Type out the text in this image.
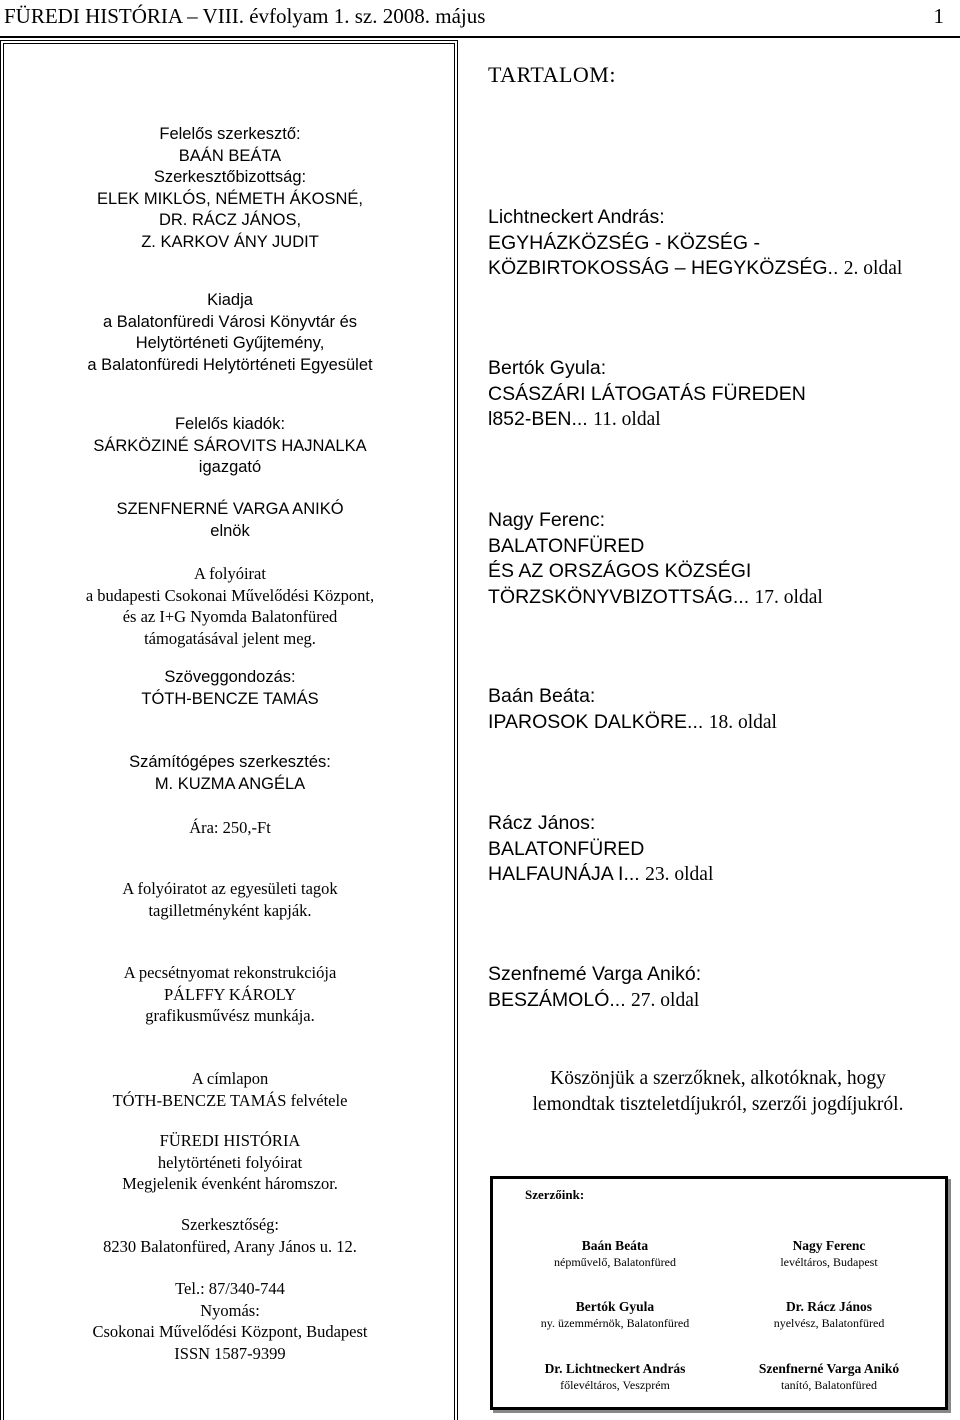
FÜREDI HISTÓRIA – VIII. évfolyam 1. sz. 2008. május	1
Felelős szerkesztő:
BAÁN BEÁTA
Szerkesztőbizottság:
ELEK MIKLÓS, NÉMETH ÁKOSNÉ,
DR. RÁCZ JÁNOS,
Z. KARKOV ÁNY JUDIT
Kiadja
a Balatonfüredi Városi Könyvtár és
Helytörténeti Gyűjtemény,
a Balatonfüredi Helytörténeti Egyesület
Felelős kiadók:
SÁRKÖZINÉ SÁROVITS HAJNALKA
igazgató
SZENFNERNÉ VARGA ANIKÓ
elnök
A folyóirat
a budapesti Csokonai Művelődési Központ,
és az I+G Nyomda Balatonfüred
támogatásával jelent meg.
Szöveggondozás:
TÓTH-BENCZE TAMÁS
Számítógépes szerkesztés:
M. KUZMA ANGÉLA
Ára: 250,-Ft
A folyóiratot az egyesületi tagok
tagilletményként kapják.
A pecsétnyomat rekonstrukciója
PÁLFFY KÁROLY
grafikusművész munkája.
A címlapon
TÓTH-BENCZE TAMÁS felvétele
FÜREDI HISTÓRIA
helytörténeti folyóirat
Megjelenik évenként háromszor.
Szerkesztőség:
8230 Balatonfüred, Arany János u. 12.
Tel.: 87/340-744
Nyomás:
Csokonai Művelődési Központ, Budapest
ISSN 1587-9399
TARTALOM:
Lichtneckert András:
EGYHÁZKÖZSÉG - KÖZSÉG -
KÖZBIRTOKOSSÁG – HEGYKÖZSÉG.. 2. oldal
Bertók Gyula:
CSÁSZÁRI LÁTOGATÁS FÜREDEN
l852-BEN... 11. oldal
Nagy Ferenc:
BALATONFÜRED
ÉS AZ ORSZÁGOS KÖZSÉGI
TÖRZSKÖNYVBIZOTTSÁG... 17. oldal
Baán Beáta:
IPAROSOK DALKÖRE... 18. oldal
Rácz János:
BALATONFÜRED
HALFAUNÁJA I... 23. oldal
Szenfnemé Varga Anikó:
BESZÁMOLÓ... 27. oldal
Köszönjük a szerzőknek, alkotóknak, hogy
lemondtak tiszteletdíjukról, szerzői jogdíjukról.
Szerzőink:
Baán Beáta
népművelő, Balatonfüred
Nagy Ferenc
levéltáros, Budapest
Bertók Gyula
ny. üzemmérnök, Balatonfüred
Dr. Rácz János
nyelvész, Balatonfüred
Dr. Lichtneckert András
főlevéltáros, Veszprém
Szenfnerné Varga Anikó
tanító, Balatonfüred
